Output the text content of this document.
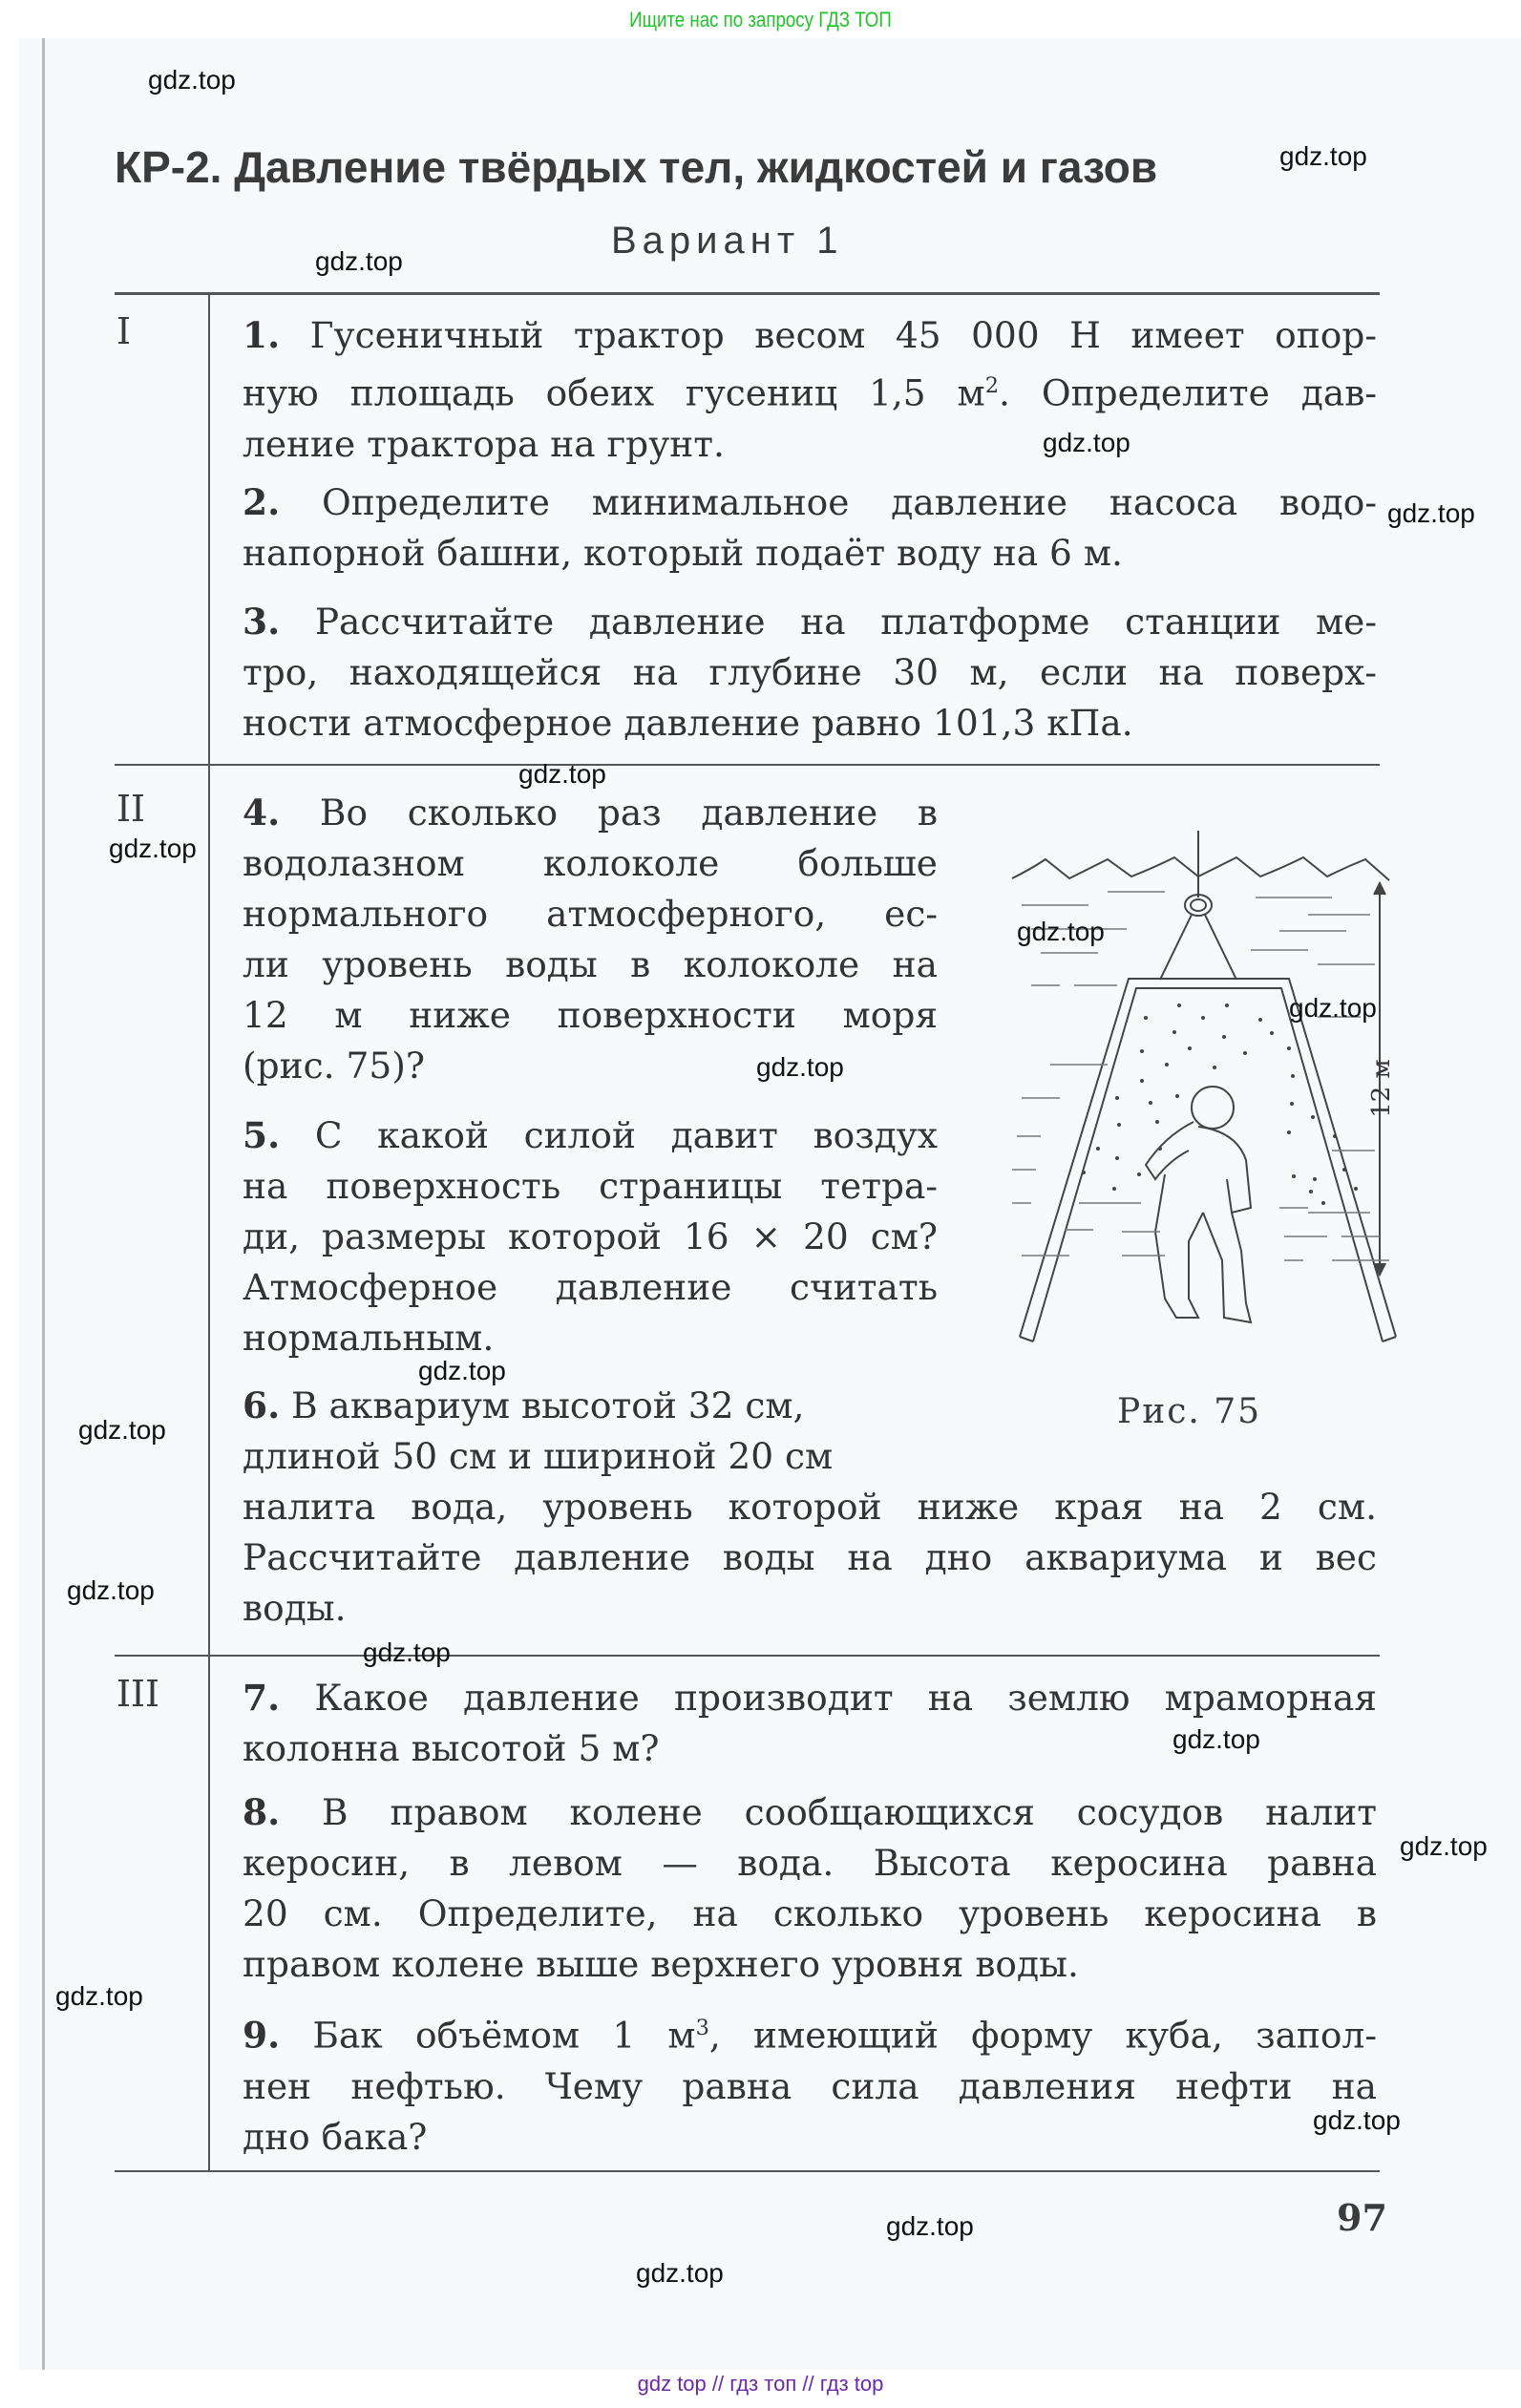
Ищите нас по запросу ГДЗ ТОП
КР-2. Давление твёрдых тел, жидкостей и газов
Вариант 1
I	1. Гусеничный трактор весом 45 000 Н имеет опор-
ную площадь обеих гусениц 1,5 $м^2$. Определите дав-
ление трактора на грунт.
2. Определите минимальное давление насоса водо-
напорной башни, который подаёт воду на 6 м.
3. Рассчитайте давление на платформе станции ме-
тро, находящейся на глубине 30 м, если на поверх-
ности атмосферное давление равно 101,3 кПа.
II	4. Во сколько раз давление в
водолазном колоколе больше
нормального атмосферного, ес-
ли уровень воды в колоколе на
12 м ниже поверхности моря
(рис. 75)?
5. С какой силой давит воздух
на поверхность страницы тетра-
ди, размеры которой 16 × 20 см?
Атмосферное давление считать
нормальным.
6. В аквариум высотой 32 см,
длиной 50 см и шириной 20 см
налита вода, уровень которой ниже края на 2 см.
Рассчитайте давление воды на дно аквариума и вес
воды.
12 м
Рис. 75
III 7. Какое давление производит на землю мраморная
колонна высотой 5 м?
8. В правом колене сообщающихся сосудов налит
керосин, в левом — вода. Высота керосина равна
20 см. Определите, на сколько уровень керосина в
правом колене выше верхнего уровня воды.
9. Бак объёмом 1 $м^3$, имеющий форму куба, запол-
нен нефтью. Чему равна сила давления нефти на
дно бака?
97
gdz.top
gdz.top
gdz.top
gdz.top
gdz.top
gdz.top
gdz.top
gdz.top
gdz.top
gdz.top
gdz.top
gdz.top
gdz.top
gdz.top
gdz.top
gdz.top
gdz.top
gdz.top
gdz.top
gdz.top
gdz top // гдз топ // гдз top
